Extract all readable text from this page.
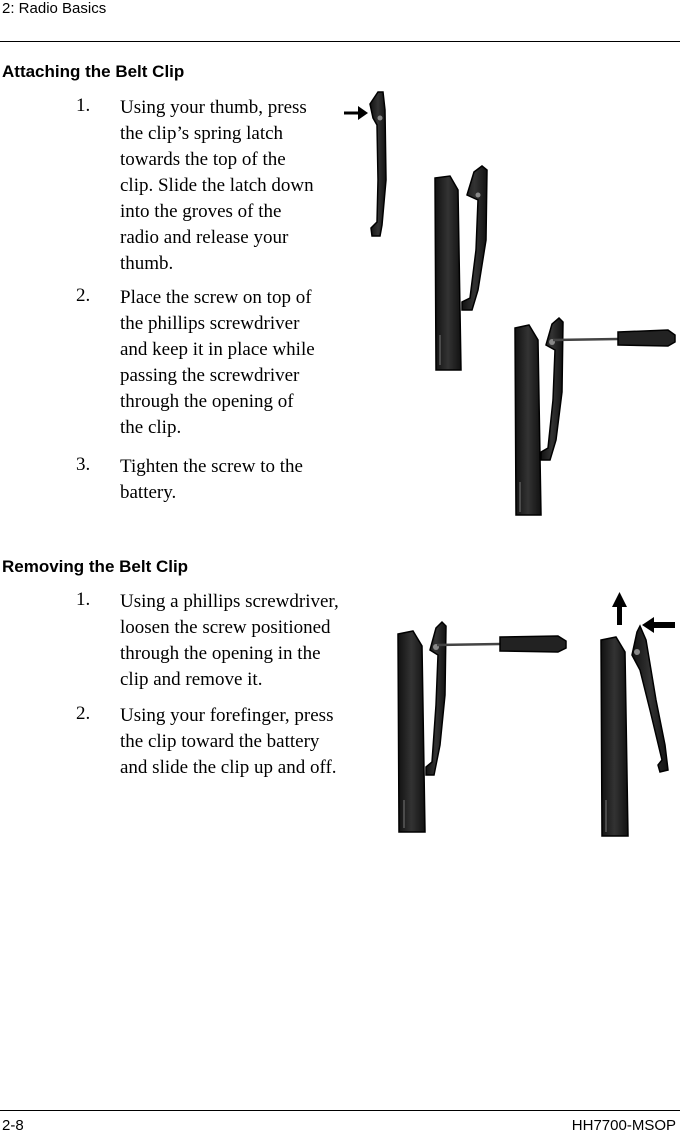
2: Radio Basics
Attaching the Belt Clip
1. Using your thumb, press
the clip’s spring latch
towards the top of the
clip. Slide the latch down
into the groves of the
radio and release your
thumb.
2. Place the screw on top of
the phillips screwdriver
and keep it in place while
passing the screwdriver
through the opening of
the clip.
3. Tighten the screw to the
battery.
Removing the Belt Clip
1. Using a phillips screwdriver,
loosen the screw positioned
through the opening in the
clip and remove it.
2. Using your forefinger, press
the clip toward the battery
and slide the clip up and off.
2-8	HH7700-MSOP
